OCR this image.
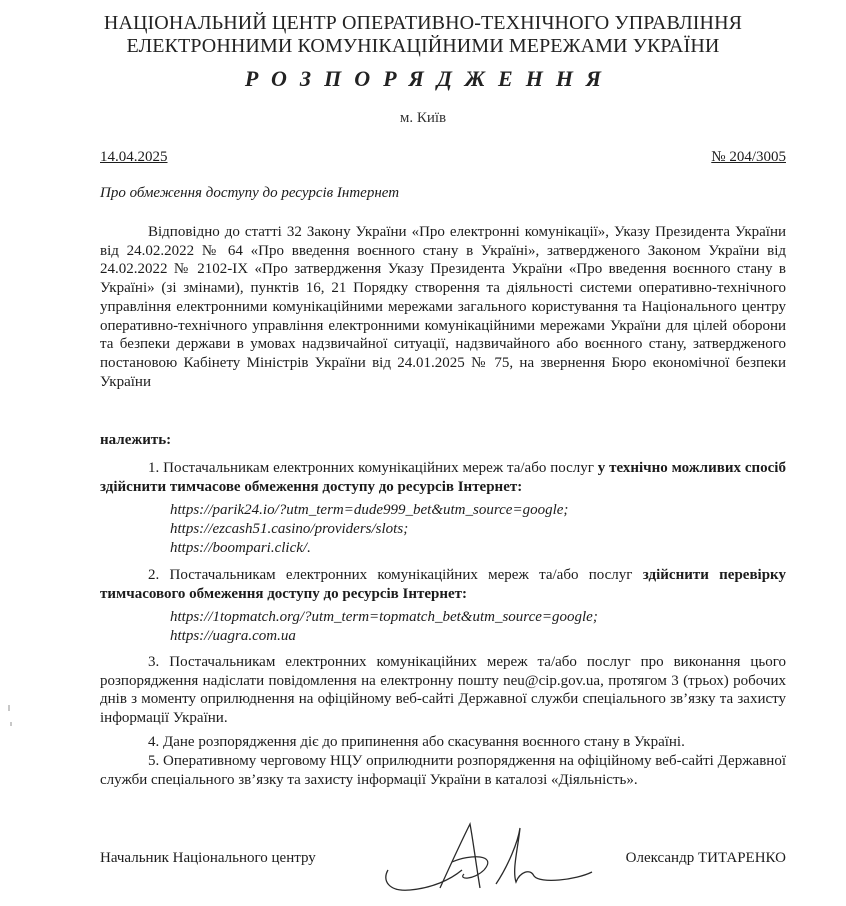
НАЦІОНАЛЬНИЙ ЦЕНТР ОПЕРАТИВНО-ТЕХНІЧНОГО УПРАВЛІННЯ
ЕЛЕКТРОННИМИ КОМУНІКАЦІЙНИМИ МЕРЕЖАМИ УКРАЇНИ
РОЗПОРЯДЖЕННЯ
м. Київ
14.04.2025	№ 204/3005
Про обмеження доступу до ресурсів Інтернет
Відповідно до статті 32 Закону України «Про електронні комунікації», Указу Президента України від 24.02.2022 № 64 «Про введення воєнного стану в Україні», затвердженого Законом України від 24.02.2022 № 2102-IX «Про затвердження Указу Президента України «Про введення воєнного стану в Україні» (зі змінами), пунктів 16, 21 Порядку створення та діяльності системи оперативно-технічного управління електронними комунікаційними мережами загального користування та Національного центру оперативно-технічного управління електронними комунікаційними мережами України для цілей оборони та безпеки держави в умовах надзвичайної ситуації, надзвичайного або воєнного стану, затвердженого постановою Кабінету Міністрів України від 24.01.2025 № 75, на звернення Бюро економічної безпеки України
належить:
1. Постачальникам електронних комунікаційних мереж та/або послуг у технічно можливих спосіб здійснити тимчасове обмеження доступу до ресурсів Інтернет:
https://parik24.io/?utm_term=dude999_bet&utm_source=google;
https://ezcash51.casino/providers/slots;
https://boompari.click/.
2. Постачальникам електронних комунікаційних мереж та/або послуг здійснити перевірку тимчасового обмеження доступу до ресурсів Інтернет:
https://1topmatch.org/?utm_term=topmatch_bet&utm_source=google;
https://uagra.com.ua
3. Постачальникам електронних комунікаційних мереж та/або послуг про виконання цього розпорядження надіслати повідомлення на електронну пошту neu@cip.gov.ua, протягом 3 (трьох) робочих днів з моменту оприлюднення на офіційному веб-сайті Державної служби спеціального зв’язку та захисту інформації України.
4. Дане розпорядження діє до припинення або скасування воєнного стану в Україні.
5. Оперативному черговому НЦУ оприлюднити розпорядження на офіційному веб-сайті Державної служби спеціального зв’язку та захисту інформації України в каталозі «Діяльність».
Начальник Національного центру	Олександр ТИТАРЕНКО
